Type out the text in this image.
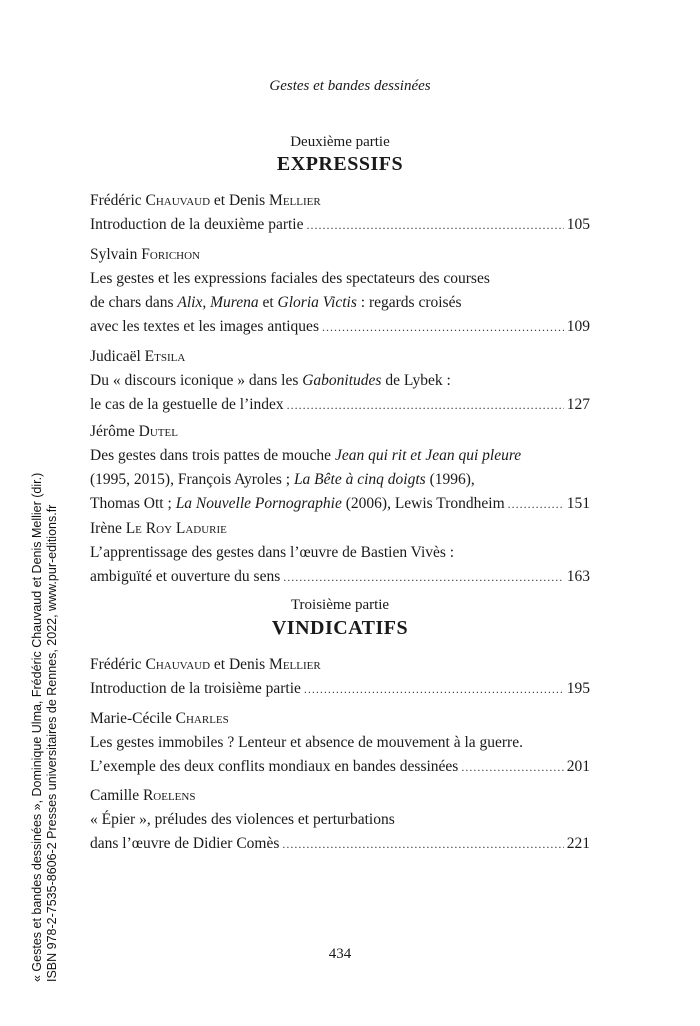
Gestes et bandes dessinées
Deuxième partie
EXPRESSIFS
Frédéric Chauvaud et Denis Mellier
Introduction de la deuxième partie . . .	105
Sylvain Forichon
Les gestes et les expressions faciales des spectateurs des courses
de chars dans Alix, Murena et Gloria Victis : regards croisés
avec les textes et les images antiques . . .	109
Judicaël Etsila
Du « discours iconique » dans les Gabonitudes de Lybek :
le cas de la gestuelle de l’index . . .	127
Jérôme Dutel
Des gestes dans trois pattes de mouche Jean qui rit et Jean qui pleure
(1995, 2015), François Ayroles ; La Bête à cinq doigts (1996),
Thomas Ott ; La Nouvelle Pornographie (2006), Lewis Trondheim . . .	151
Irène Le Roy Ladurie
L’apprentissage des gestes dans l’œuvre de Bastien Vivès :
ambiguïté et ouverture du sens . . .	163
Troisième partie
VINDICATIFS
Frédéric Chauvaud et Denis Mellier
Introduction de la troisième partie . . .	195
Marie-Cécile Charles
Les gestes immobiles ? Lenteur et absence de mouvement à la guerre.
L’exemple des deux conflits mondiaux en bandes dessinées . . .	201
Camille Roelens
« Épier », préludes des violences et perturbations
dans l’œuvre de Didier Comès . . .	221
434
« Gestes et bandes dessinées », Dominique Ulma, Frédéric Chauvaud et Denis Mellier (dir.) ISBN 978-2-7535-8606-2 Presses universitaires de Rennes, 2022, www.pur-editions.fr
